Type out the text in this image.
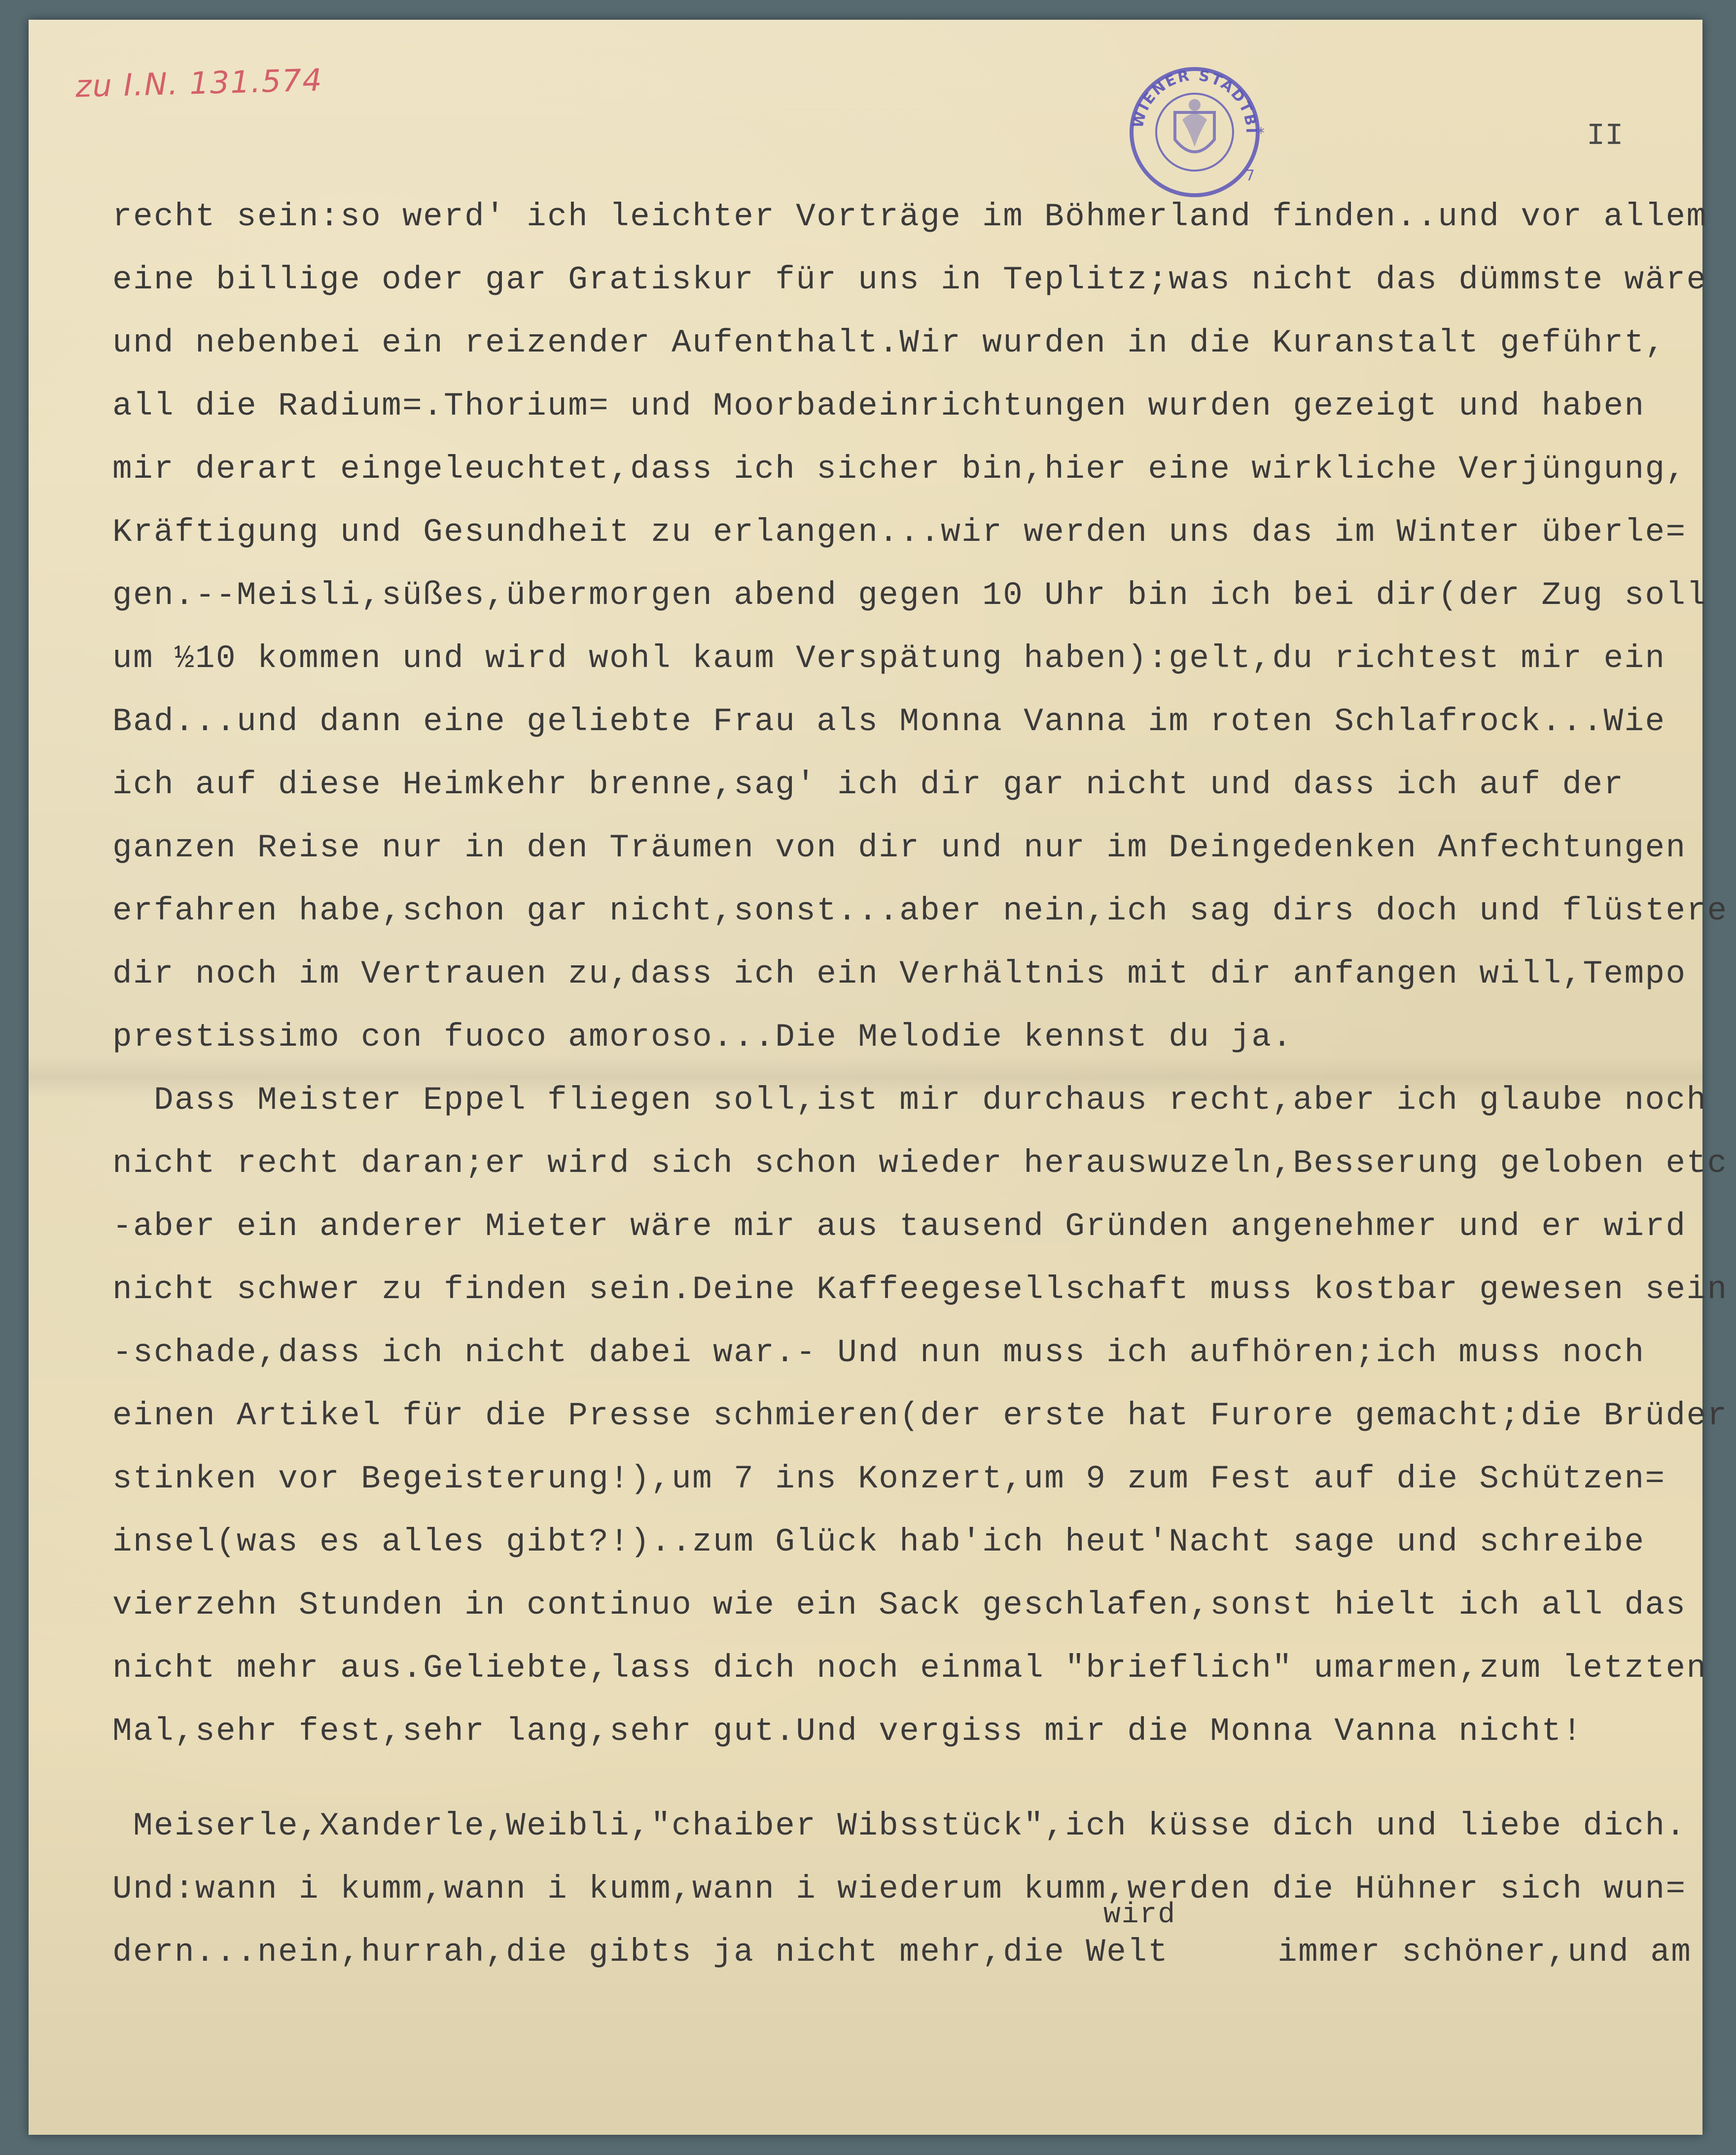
zu I.N. 131.574
WIENER STADTBI
7
*	II
recht sein:so werd' ich leichter Vorträge im Böhmerland finden..und vor allem
eine billige oder gar Gratiskur für uns in Teplitz;was nicht das dümmste wäre
und nebenbei ein reizender Aufenthalt.Wir wurden in die Kuranstalt geführt,
all die Radium=.Thorium= und Moorbadeinrichtungen wurden gezeigt und haben
mir derart eingeleuchtet,dass ich sicher bin,hier eine wirkliche Verjüngung,
Kräftigung und Gesundheit zu erlangen...wir werden uns das im Winter überle=
gen.--Meisli,süßes,übermorgen abend gegen 10 Uhr bin ich bei dir(der Zug soll
um ½10 kommen und wird wohl kaum Verspätung haben):gelt,du richtest mir ein
Bad...und dann eine geliebte Frau als Monna Vanna im roten Schlafrock...Wie
ich auf diese Heimkehr brenne,sag' ich dir gar nicht und dass ich auf der
ganzen Reise nur in den Träumen von dir und nur im Deingedenken Anfechtungen
erfahren habe,schon gar nicht,sonst...aber nein,ich sag dirs doch und flüstere
dir noch im Vertrauen zu,dass ich ein Verhältnis mit dir anfangen will,Tempo
prestissimo con fuoco amoroso...Die Melodie kennst du ja.
Dass Meister Eppel fliegen soll,ist mir durchaus recht,aber ich glaube noch
nicht recht daran;er wird sich schon wieder herauswuzeln,Besserung geloben etc
-aber ein anderer Mieter wäre mir aus tausend Gründen angenehmer und er wird
nicht schwer zu finden sein.Deine Kaffeegesellschaft muss kostbar gewesen sein
-schade,dass ich nicht dabei war.- Und nun muss ich aufhören;ich muss noch
einen Artikel für die Presse schmieren(der erste hat Furore gemacht;die Brüder
stinken vor Begeisterung!),um 7 ins Konzert,um 9 zum Fest auf die Schützen=
insel(was es alles gibt?!)..zum Glück hab'ich heut'Nacht sage und schreibe
vierzehn Stunden in continuo wie ein Sack geschlafen,sonst hielt ich all das
nicht mehr aus.Geliebte,lass dich noch einmal "brieflich" umarmen,zum letzten
Mal,sehr fest,sehr lang,sehr gut.Und vergiss mir die Monna Vanna nicht!
Meiserle,Xanderle,Weibli,"chaiber Wibsstück",ich küsse dich und liebe dich.
Und:wann i kumm,wann i kumm,wann i wiederum kumm,werden die Hühner sich wun=
wird
dern...nein,hurrah,die gibts ja nicht mehr,die Welt    immer schöner,und am
